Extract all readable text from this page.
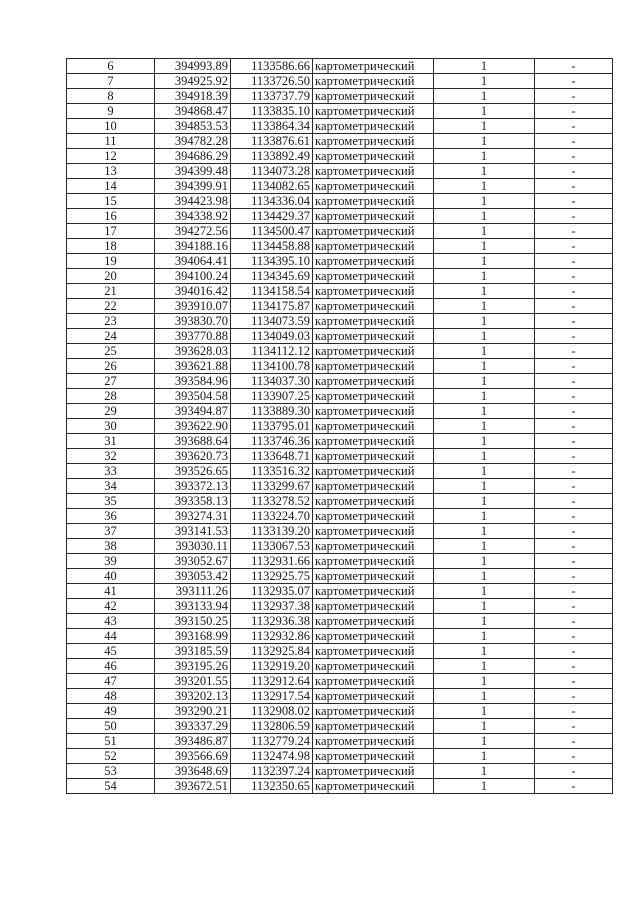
6	394993.89	1133586.66	картометрический	1	-
7	394925.92	1133726.50	картометрический	1	-
8	394918.39	1133737.79	картометрический	1	-
9	394868.47	1133835.10	картометрический	1	-
10	394853.53	1133864.34	картометрический	1	-
11	394782.28	1133876.61	картометрический	1	-
12	394686.29	1133892.49	картометрический	1	-
13	394399.48	1134073.28	картометрический	1	-
14	394399.91	1134082.65	картометрический	1	-
15	394423.98	1134336.04	картометрический	1	-
16	394338.92	1134429.37	картометрический	1	-
17	394272.56	1134500.47	картометрический	1	-
18	394188.16	1134458.88	картометрический	1	-
19	394064.41	1134395.10	картометрический	1	-
20	394100.24	1134345.69	картометрический	1	-
21	394016.42	1134158.54	картометрический	1	-
22	393910.07	1134175.87	картометрический	1	-
23	393830.70	1134073.59	картометрический	1	-
24	393770.88	1134049.03	картометрический	1	-
25	393628.03	1134112.12	картометрический	1	-
26	393621.88	1134100.78	картометрический	1	-
27	393584.96	1134037.30	картометрический	1	-
28	393504.58	1133907.25	картометрический	1	-
29	393494.87	1133889.30	картометрический	1	-
30	393622.90	1133795.01	картометрический	1	-
31	393688.64	1133746.36	картометрический	1	-
32	393620.73	1133648.71	картометрический	1	-
33	393526.65	1133516.32	картометрический	1	-
34	393372.13	1133299.67	картометрический	1	-
35	393358.13	1133278.52	картометрический	1	-
36	393274.31	1133224.70	картометрический	1	-
37	393141.53	1133139.20	картометрический	1	-
38	393030.11	1133067.53	картометрический	1	-
39	393052.67	1132931.66	картометрический	1	-
40	393053.42	1132925.75	картометрический	1	-
41	393111.26	1132935.07	картометрический	1	-
42	393133.94	1132937.38	картометрический	1	-
43	393150.25	1132936.38	картометрический	1	-
44	393168.99	1132932.86	картометрический	1	-
45	393185.59	1132925.84	картометрический	1	-
46	393195.26	1132919.20	картометрический	1	-
47	393201.55	1132912.64	картометрический	1	-
48	393202.13	1132917.54	картометрический	1	-
49	393290.21	1132908.02	картометрический	1	-
50	393337.29	1132806.59	картометрический	1	-
51	393486.87	1132779.24	картометрический	1	-
52	393566.69	1132474.98	картометрический	1	-
53	393648.69	1132397.24	картометрический	1	-
54	393672.51	1132350.65	картометрический	1	-
